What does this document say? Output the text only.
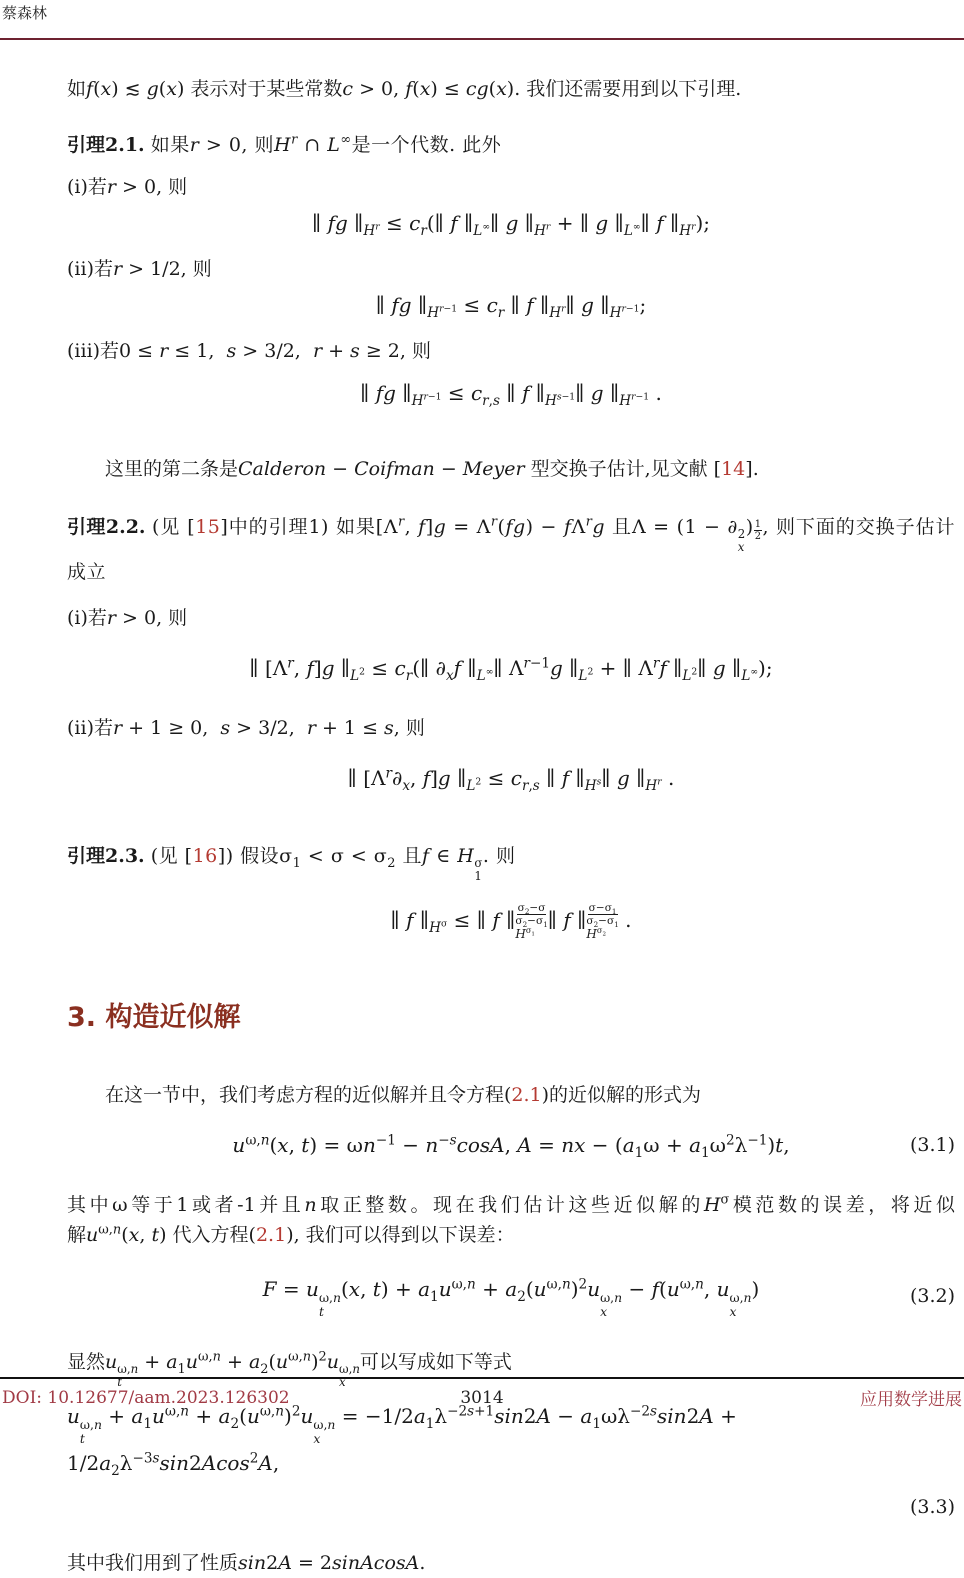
蔡森林

如f(x) ≲ g(x) 表示对于某些常数c > 0, f(x) ≤ cg(x). 我们还需要用到以下引理.

引理2.1. 如果r > 0, 则$H^r$ ∩ L∞是一个代数. 此外

(i)若r > 0, 则

∥ fg $\parallel_{H^r}$ ≤ $c_r(\parallel$ f $\parallel_{L^\infty}\parallel$ g $\parallel_{H^r}$ + ∥ g $\parallel_{L^\infty}\parallel$ f $\parallel_{H^r}$);

(ii)若r > 1/2, 则

∥ fg $\parallel_{H^{r-1}} \le c_r$ ∥ f $\parallel_{H^r}\parallel$ g $\parallel_{H^{r-1}}$;

(iii)若0 ≤ r ≤ 1,  s > 3/2,  r + s ≥ 2, 则

∥ fg $\parallel_{H^{r-1}} \le c_{r,s}$ ∥ f $\parallel_{H^{s-1}}\parallel$ g $\parallel_{H^{r-1}}$ .

这里的第二条是Calderon − Coifman − Meyer 型交换子估计,见文献 [14].

引理2.2. (见 [15]中的引理1) 如果[$\Lambda^r$, $f]g = \Lambda^r(fg) - f\Lambda^rg$ 且Λ = (1 − ∂ 2
x
) $\frac{1}{2}$ , 则下面的交换子估计成立

(i)若r > 0, 则

∥ [$\Lambda^r$, f]g $\parallel_{L^2}$ ≤ $c_r(\parallel$ $\partial_xf$ $\parallel_{L^\infty}\parallel$ $\Lambda^{r-1}g$ $\parallel_{L^2}$ + ∥ $\Lambda^rf$ $\parallel_{L^2}\parallel$ g $\parallel_{L^\infty}$);

(ii)若r + 1 ≥ 0,  s > 3/2,  r + 1 ≤ s, 则

∥ [$\Lambda^r\partial_x$, f]g $\parallel_{L^2} \le c_{r,s}$ ∥ f $\parallel_{H^s}\parallel$ g $\parallel_{H^r}$ .

引理2.3. (见 [16]) 假设$\sigma_1 < \sigma < \sigma_2$ 且f ∈ H σ
1
. 则

∥ f $\parallel_{H^\sigma}$ ≤ ∥ f ∥ $\frac{\sigma_2-\sigma}{\sigma_2-\sigma_1}$
$H^{\sigma_1}$
∥ f ∥ $\frac{\sigma-\sigma_1}{\sigma_2-\sigma_1}$
$H^{\sigma_2}$
.
3. 构造近似解

在这一节中，我们考虑方程的近似解并且令方程(2.1)的近似解的形式为

$u^{\omega,n}(x$, $t) = \omega n^{-1} - n^{-s}\cos A$, A = nx − $(a_1\omega + a_1\omega^2\lambda^{-1})t$,	(3.1)

其中ω等于1或者-1并且n取正整数。现在我们估计这些近似解的$H^\sigma$模范数的误差，将近似

解$u^{\omega,n}(x$, t) 代入方程(2.1), 我们可以得到以下误差：

F = u ω,n
t
(x, $t) + a_1u^{\omega,n} + a_2(u^{\omega,n})^2u$ ω,n
x
− $f(u^{\omega,n}$, u ω,n
x
)	(3.2)

显然u ω,n
t
+ $a_1u^{\omega,n} + a_2(u^{\omega,n})^2u$ ω,n
x
可以写成如下等式

u ω,n
t
+ $a_1u^{\omega,n} + a_2(u^{\omega,n})^2u$ ω,n
x
= $-1/2a_1\lambda^{-2s+1}\sin 2A - a_1\omega\lambda^{-2s}\sin 2A + 1/2a_2\lambda^{-3s}\sin 2Acos^2A$,
(3.3)

其中我们用到了性质sin2A = 2sinAcosA.

DOI: 10.12677/aam.2023.126302	3014	应用数学进展
